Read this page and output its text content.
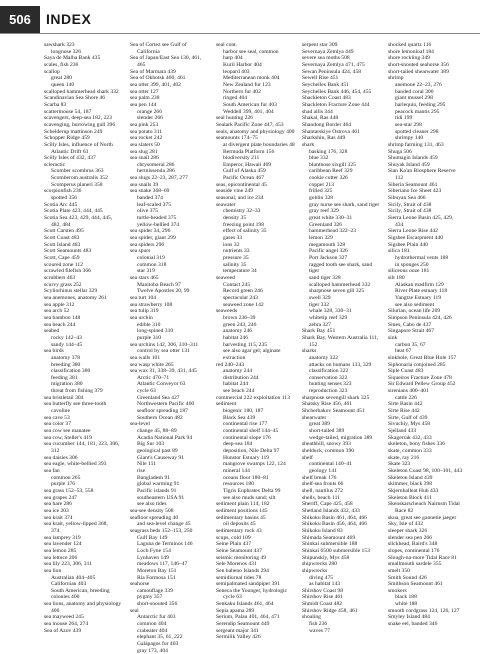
506	INDEX
sawshark 323
longnose 326
Saya de Malha Bank 435
scales, fish 236
scallop
great 280
queen 140
scalloped hammerhead shark 332
Scandinavian Sea Shore 46
Scarba 83
scattermouse 54, 187
scavengers, deep-sea 182, 223
scavenging, burrowing gull 396
Schelderup mattinson 249
Schopper Ridge 459
Scilly Isles, influence of North
Atlantic Drift 63
Scilly Isles of 432, 437
scleractic
Scomber scombrus 363
Scomberom australis 352
Scomperus planeri 358
scorpionfish 236
spotted 356
Scotia Arc 445
Scotia Plate 423, 444, 445
Scotia Sea 423, 429, 444, 445,
482, 484
Scott Carsten 495
Scott Coast 483
Scott Island 483
Scott Seamounts 483
Scott, Cape 459
scoured zone 112
scrawled filefish 366
scrubbers 463
scurvy grass 252
Scyliorhinus stellar 329
sea anemones, anatomy 261
sea apple 312
sea arch 52
sea bamboo 148
sea beach 244
seabed
rocky 142–43
sandy 144–45
sea birds
anatomy 378
breeding 380
classification 380
feeding 381
migration 380
threat from fishing 379
sea bristletail 304
sea butterfly see three-tooth
cavoline
sea cave 53
sea color 37
sea cow see manatee
sea cow, Steller's 419
sea cucumber 144, 181, 223, 306,
312
sea daisies 306
sea eagle, white-bellied 393
sea fan
common 265
purple 176
sea grass 152–53, 558
sea grapes 247
sea hare 286
sea ice 203
sea krait 374
sea krait, yellow-lipped 368,
374
sea lamprey 319
sea lavender 124
sea lemon 285
sea lettuce 206
sea lily 223, 306, 311
sea lion
Australian 404–405
Californian 403
South American, breeding
colonies 400
sea lions, anatomy and physiology
400
sea mayweed 245
sea mouse 264, 274
Sea of Azov 439
Sea of Cortez see Gulf of
California
Sea of Japan/East Sea 130, 461,
465
Sea of Marmara 439
Sea of Okhotsk 460, 461
sea otter 399, 401, 402
sea otter 127
sea palm 238
sea pen 144
orange 266
slender 266
sea pink 253
sea potato 311
sea rocket 242
sea slaters 50
sea slug 281
sea snail 286
chrysomeral 286
hermissenda 286
sea slugs 22–23, 287, 277
sea snails 39
sea snake 368–69
banded 374
leaf-scaled 375
olive 375
turtle-headed 375
yellow-bellied 374
sea spider 34, 296
sea spider, giant 299
sea spiders 296
sea spurs
colonial 319
common 318
star 319
sea stars 465
Manitoba Beach 97
Twelve Apostles 20, 99
sea turt 104
sea strawberry 108
sea tulip 319
sea urchin
edible 310
long-spined 310
purple 310
sea urchins 142, 306, 310–311
control by sea otter 131
sea walls 101
sea wasp white 265
sea wax 31, 338–39, 431, 445
Arctic 470–71
Atlantic Conveyor 63
cycle 63
Greenland Sea 427
Northwestern Pacific 460
seafloor spreading 187
Southern Ocean 482
sea-level
change 45, 88–89
Acadia National Park 94
Big Sur 103
geological past 89
Giant's Causeway 91
Nile 111
rise
Bangladesh 91
global warming 91
Pacific islands 91
southeastern USA 91
see also tides
sea-see density 508
seafloor spreading 40
and sea-level change 45
seagrass beds 152–153, 250
Gulf Bay 149
Laguna de Terminos 146
Loch Fyne 154
Lynhaven 149
meadows 117, 146–47
Moreton Bay 151
Ria Formosa 151
seahorse
camouflage 339
pygmy 357
short-snouted 356
seal
Antarctic fur 403
common 404
crabeater 404
elephant 35, 61, 222
Galápagos fur 403
gray 173, 404
seal cont.
harbor see seal, common
harp 404
Kuril Harbor 404
leopard 403
Mediterranean monk 404
New Zealand fur 123
Northern fur 402
ringed 404
South American fur 403
Weddell 399, 401, 404
seal hunting 226
Sealark Pacific Zone 447, 453
seals, anatomy and physiology 400
seamounts 174–75
at divergent plate boundaries 48
Bermuda Platform 156
biodiversity 211
Emperor, Hawaii 469
Gulf of Alaska 459
Pacific Ocean 467
seas, epicontinental 45
seaside vine 249
seasonal, and ice 234
seawater
chemistry 32–33
density 35
freezing point 198
effect of salinity 35
gases 33
ions 32
nutrients 33
pressure 35
salinity 35
temperature 34
seaweed
Contact 245
Record green 246
spectacular 243
seaweed zone 142
seaweeds
brown 236–39
green 243, 246
anatomy 246
habitat 246
harvesting 115, 235
see also agar gel; alginate
extraction
red 240–243
anatomy 244
distribution 244
habitat 244
see beach 244
commercial 222 exploitation 113
sediment
biogenic 180, 187
Black Sea 439
continental rise 177
continental shelf 144–45
continental slope 176
deep-sea 184
deposition, Nile Delta 97
Hunstor Estuary 119
mangrove swamps 122, 124
mineral 144
oceans floor 180–81
resources 180
Tigris Euphrates Delta 99
see also muds sand; silt
sediment plain 114, 182
sediment positions 145
sedimentary basins 45
oil deposits 45
sedimentary rock 43
scups, cold 109
Seine Plain 437
Seine Seamount 437
seismic monitoring 49
Sele Morenos 431
Sen baheno Islands 294
semidiurnal tides 78
semipalmated sandpiper 391
Seneca the Younger, hydrologic
cycle 63
Senkaku Islands 461, 464
Sepia apama 289
Serium, Palau 401, 464, 471
Serendip Seamount 449
sergeant major 341
Sermilik Valley 426
serpent star 309
Severnaya Zemlya 449
severe sea moths 508
Severnaya Zemlya 471, 475
Sewan Peninsula 424, 458
Sewell Rise 451
Seychelles Bank 451
Seychelles Bank 446, 454, 455
Shackleton Coast 483
Shackleton Fracture Zone 444
shad allis 344
Shakal, Ras 448
Shandong Border 464
Shantarskiye Ostrova 461
Sharkshin, Ras 449
shark
basking 176, 328
blue 332
bluntnose sixgill 325
caribbean Reef 329
cookie cutter 326
copper 213
frilled 325
goblin 328
gray nurse see shark, sand tiger
gray reef 329
great white 330–31
Greenland 326
hammerhead 322–23
lemon 329
megamouth 328
Pacific angel 326
Port Jackson 327
ragged tooth see shark, sand
tiger
sand tiger 328
scalloped hammerhead 332
sharpnose seven gill 325
swell 329
tiger 332
whale 328, 330–31
whitetip reef 329
zebra 327
Shark Bay 451
Shark Bay, Western Australia 111,
152
sharks
anatomy 322
attacks on humans 133, 329
classification 322
conservation 322
hunting senses 323
reproduction 323
sharpnose sevengill shark 325
Shatsky Rise 456, 461
Shcherbakov Seamount 451
shearwater
great 389
short-tailed 389
wedge-tailed, migration 389
sheathbill, snowy 393
shelduck, common 390
shelf
continental 140–41
geology 141
shelf break 176
shelf-sea fronts 66
shell, nautilus 272
shells, beach 111
Sheriff, Cape 425, 458
Shetland Islands 432, 433
Shikoku Basin 461, 464, 466
Shikoku Basin 456, 464, 466
Shikoku Island 83
Shimada Seamount 469
Shinkai submersible 188
Shinkai 6500 submersible 153
Shipunskiy, Mys 458
shipwrecks 280
shipwrecks
diving 475
as habitat 143
Shirshov Coast 98
Shirshov Rise 461
Shmidt Coast 482
Shirshov Ridge 458, 461
shoaling
fish 236
waves 77
shocked quartz 116
shore lemonloaf 184
shore rockling 349
short-snouted seahorse 356
short-tailed shearwater 389
shrimp
anemone 22–23, 276
banded coral 300
giant mussel 298
harlequin, feeding 295
peacock mantis 295
tidi 199
sea-star 298
spotted cleaner 298
shrimpy 140
shrimp farming 131, 463
Shuga 506
Shumagin Islands 459
Shuyak Island 459
Sian Ka'an Biosphere Reserve
112
Siberia Seamount 461
Siberiano Ice Sheet 423
Sibuyan Sea 466
Sicily, Strait of 438
Sicily, Strait of 438
Sierra Leone Basin 425, 429,
434
Sierra Leone Rise 442
Sigsbee Escarpment 440
Sigsbee Plain 440
silica 181
hydrothermal vents 188
in sponges 250
siliceous ooze 181
silt 180
Alaskan madfirm 129
River Plate estuary 118
Yangtze Estuary 119
see also sediment
Silurian, ocean life 209
Simpson Peninsula 424, 426
Sines, Cabo de 437
Singapore Strait 467
sink
carbon 35, 67
heat 67
sinkhole, Great Blue Hole 157
Siphonaria conjoined 285
Siple Coast 483
Siqueiros Fracture Zone 478
Sir Edward Pellew Group 452
sirenians 400–401
cattle 226
Sirte Basin 442
Sirte Rise 442
Sirte, Gulf of 439
Sivuchiy, Mys 458
Sjelland 433
Skagerrak 432, 433
skeleton, bony fishes 336
skate, common 333
skate, ray 216
Skate 323
Skeleton Coast 98, 100–101, 443
Skeleton Island 439
skimmer, black 398
Skjernballeat Hub 433
Skeleton Block 411
Skenskarscheach Nairnsm Tidal
Race 82
skua, great see gannetie jaeger
Sky, Isle of 432
sleeper shark 326
slender sea pen 266
slickhead, Baird's 348
slopes, continental 176
Slough-na-more Tidal Race 81
smallmouth sardele 355
smelt 350
Smith Sound 426
Smithson Seamount 461
smokers
black 188
white 188
smooth cordgrass 124, 126, 127
Smyley Island 484
snake eel, banded 346
